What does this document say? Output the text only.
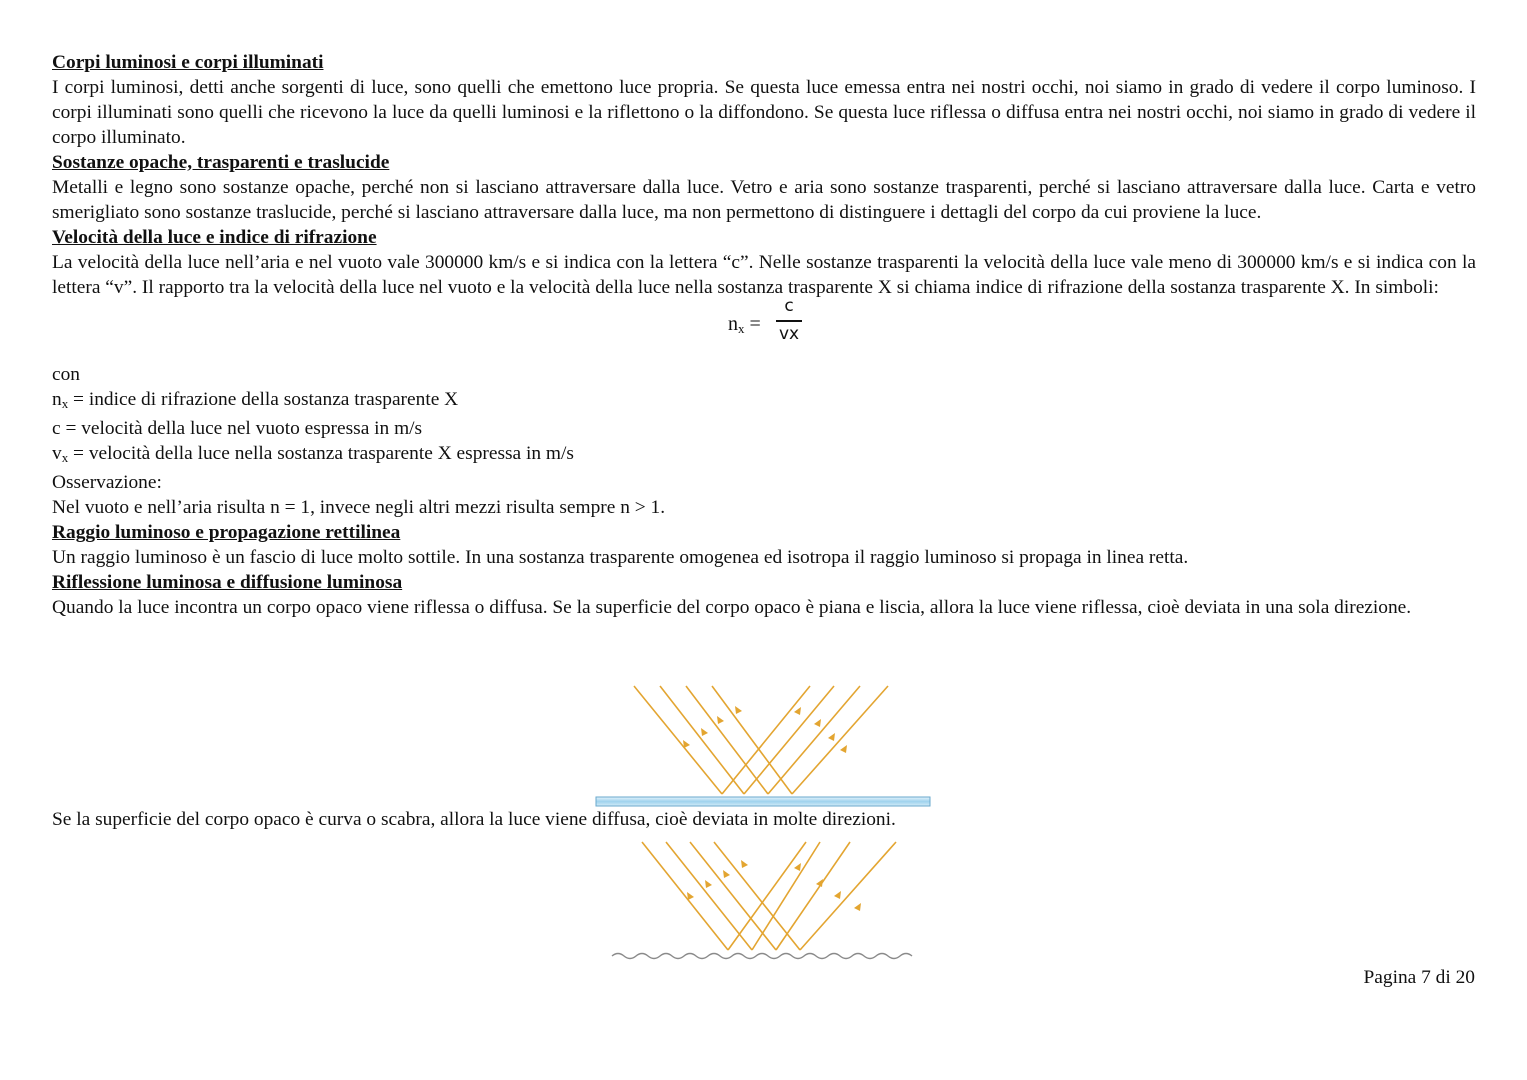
Corpi luminosi e corpi illuminati

I corpi luminosi, detti anche sorgenti di luce, sono quelli che emettono luce propria. Se questa luce emessa entra nei nostri occhi, noi siamo in grado di vedere il corpo luminoso. I corpi illuminati sono quelli che ricevono la luce da quelli luminosi e la riflettono o la diffondono. Se questa luce riflessa o diffusa entra nei nostri occhi, noi siamo in grado di vedere il corpo illuminato.

Sostanze opache, trasparenti e traslucide

Metalli e legno sono sostanze opache, perché non si lasciano attraversare dalla luce. Vetro e aria sono sostanze trasparenti, perché si lasciano attraversare dalla luce. Carta e vetro smerigliato sono sostanze traslucide, perché si lasciano attraversare dalla luce, ma non permettono di distinguere i dettagli del corpo da cui proviene la luce.

Velocità della luce e indice di rifrazione

La velocità della luce nell’aria e nel vuoto vale 300000 km/s e si indica con la lettera “c”. Nelle sostanze trasparenti la velocità della luce vale meno di 300000 km/s e si indica con la lettera “v”. Il rapporto tra la velocità della luce nel vuoto e la velocità della luce nella sostanza trasparente X si chiama indice di rifrazione della sostanza trasparente X. In simboli:

$n_x$ =
c
vx

con

$n_x$ = indice di rifrazione della sostanza trasparente X

c = velocità della luce nel vuoto espressa in m/s

$v_x$ = velocità della luce nella sostanza trasparente X espressa in m/s

Osservazione:

Nel vuoto e nell’aria risulta n = 1, invece negli altri mezzi risulta sempre n > 1.

Raggio luminoso e propagazione rettilinea

Un raggio luminoso è un fascio di luce molto sottile. In una sostanza trasparente omogenea ed isotropa il raggio luminoso si propaga in linea retta.

Riflessione luminosa e diffusione luminosa

Quando la luce incontra un corpo opaco viene riflessa o diffusa. Se la superficie del corpo opaco è piana e liscia, allora la luce viene riflessa, cioè deviata in una sola direzione.

Se la superficie del corpo opaco è curva o scabra, allora la luce viene diffusa, cioè deviata in molte direzioni.

Pagina 7 di 20
